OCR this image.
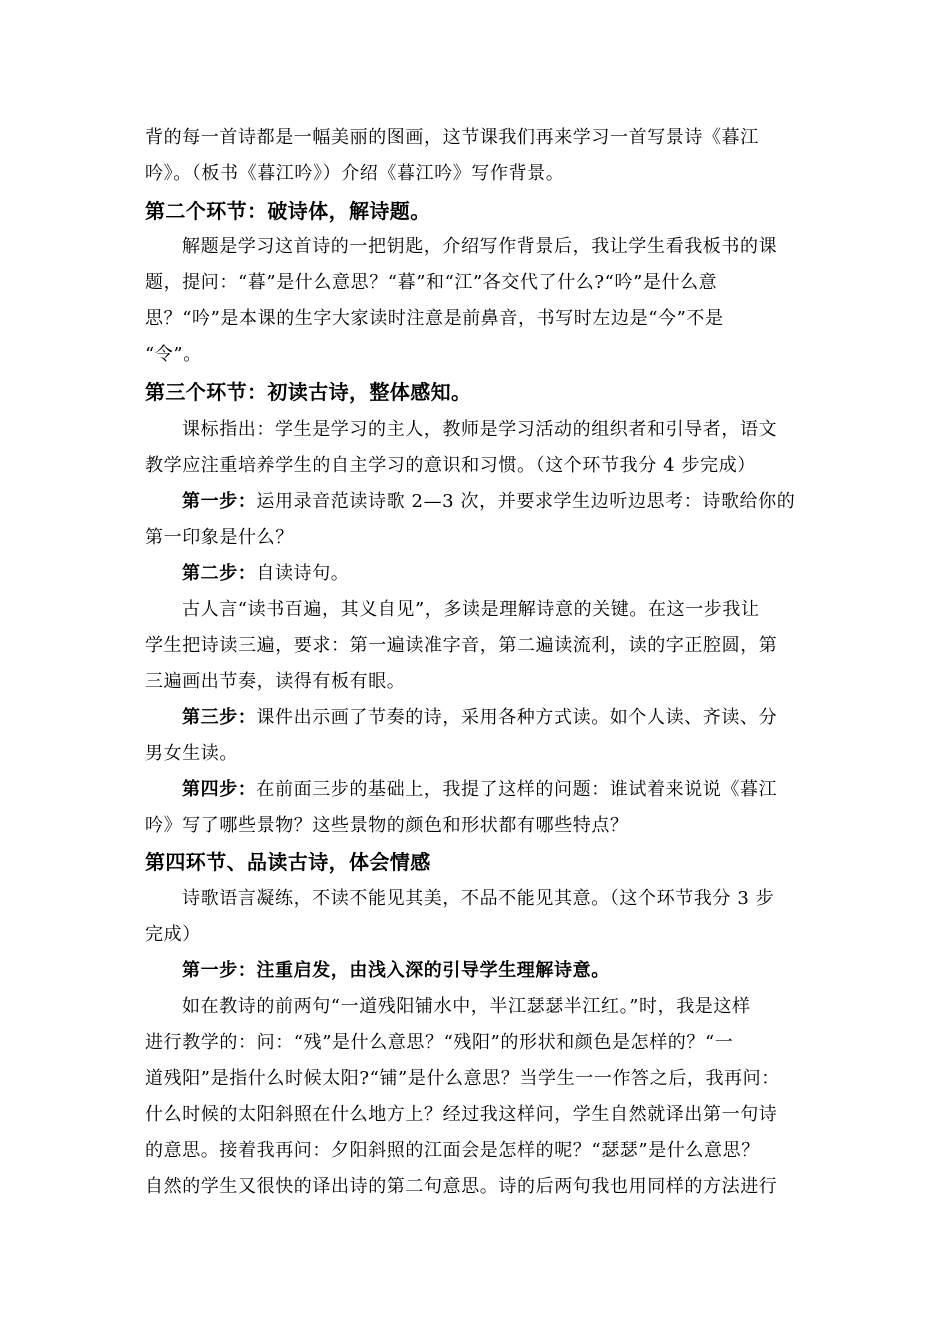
背的每一首诗都是一幅美丽的图画，这节课我们再来学习一首写景诗《暮江
吟》。（板书《暮江吟》）介绍《暮江吟》写作背景。
第二个环节：破诗体，解诗题。
解题是学习这首诗的一把钥匙，介绍写作背景后，我让学生看我板书的课
题，提问：“暮”是什么意思？“暮”和“江”各交代了什么?“吟”是什么意
思？“吟”是本课的生字大家读时注意是前鼻音，书写时左边是“今”不是
“令”。
第三个环节：初读古诗，整体感知。
课标指出：学生是学习的主人，教师是学习活动的组织者和引导者，语文
教学应注重培养学生的自主学习的意识和习惯。（这个环节我分 4 步完成）
第一步：运用录音范读诗歌 2—3 次，并要求学生边听边思考：诗歌给你的
第一印象是什么？
第二步：自读诗句。
古人言“读书百遍，其义自见”，多读是理解诗意的关键。在这一步我让
学生把诗读三遍，要求：第一遍读准字音，第二遍读流利，读的字正腔圆，第
三遍画出节奏，读得有板有眼。
第三步：课件出示画了节奏的诗，采用各种方式读。如个人读、齐读、分
男女生读。
第四步：在前面三步的基础上，我提了这样的问题：谁试着来说说《暮江
吟》写了哪些景物？这些景物的颜色和形状都有哪些特点？
第四环节、品读古诗，体会情感
诗歌语言凝练，不读不能见其美，不品不能见其意。（这个环节我分 3 步
完成）
第一步：注重启发，由浅入深的引导学生理解诗意。
如在教诗的前两句“一道残阳铺水中，半江瑟瑟半江红。”时，我是这样
进行教学的：问：“残”是什么意思？“残阳”的形状和颜色是怎样的？“一
道残阳”是指什么时候太阳?“铺”是什么意思？当学生一一作答之后，我再问：
什么时候的太阳斜照在什么地方上？经过我这样问，学生自然就译出第一句诗
的意思。接着我再问：夕阳斜照的江面会是怎样的呢？“瑟瑟”是什么意思？
自然的学生又很快的译出诗的第二句意思。诗的后两句我也用同样的方法进行
